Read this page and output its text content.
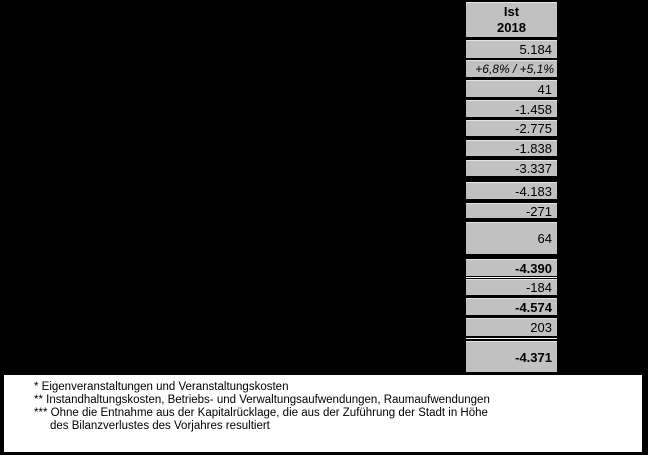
Ist
2018
5.184
+6,8% / +5,1%
41
-1.458
-2.775
-1.838
-3.337
-4.183
-271
64
-4.390
-184
-4.574
203
-4.371

* Eigenveranstaltungen und Veranstaltungskosten

** Instandhaltungskosten, Betriebs- und Verwaltungsaufwendungen, Raumaufwendungen

*** Ohne die Entnahme aus der Kapitalrücklage, die aus der Zuführung der Stadt in Höhe

des Bilanzverlustes des Vorjahres resultiert
